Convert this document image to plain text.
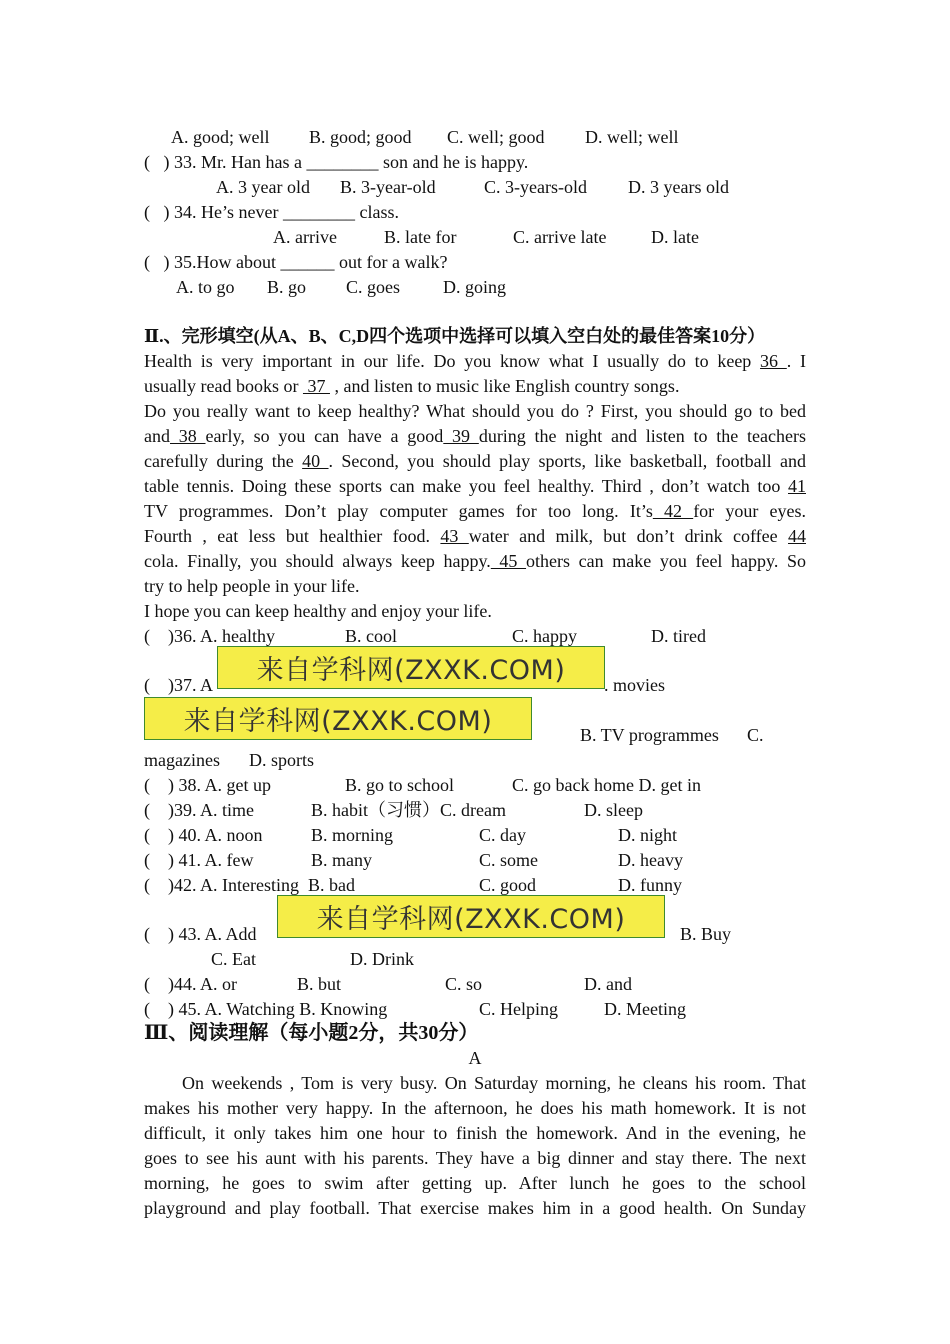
A. good; well B. good; good C. well; good D. well; well
(   ) 33. Mr. Han has a ________ son and he is happy.
A. 3 year old B. 3-year-old	C. 3-years-old D. 3 years old
(   ) 34. He’s never ________ class.
A. arrive	B. late for	C. arrive late D. late
(   ) 35.How about ______ out for a walk?
A. to go B. go C. goes D. going
Ⅱ.、完形填空(从A、B、C,D四个选项中选择可以填入空白处的最佳答案10分）
Health is very important in our life. Do you know what I usually do to keep 36 . I
usually read books or  37  , and listen to music like English country songs.
Do you really want to keep healthy? What should you do ? First, you should go to bed
and 38 early, so you can have a good 39 during the night and listen to the teachers
carefully during the 40 . Second, you should play sports, like basketball, football and
table tennis. Doing these sports can make you feel healthy. Third , don’t watch too 41
TV programmes. Don’t play computer games for too long. It’s 42 for your eyes.
Fourth , eat less but healthier food. 43 water and milk, but don’t drink coffee 44
cola. Finally, you should always keep happy. 45 others can make you feel happy. So
try to help people in your life.
I hope you can keep healthy and enjoy your life.
(    )36. A. healthy	B. cool	C. happy	D. tired
(    )37. A	来自学科网(ZXXK.COM)	. movies
来自学科网(ZXXK.COM)	B. TV programmes C.
magazines D. sports
(    ) 38. A. get up	B. go to school	C. go back home D. get in
(    )39. A. time	B. habit（习惯）C. dream	D. sleep
(    ) 40. A. noon	B. morning	C. day	D. night
(    ) 41. A. few	B. many	C. some	D. heavy
(    )42. A. Interesting  B. bad	C. good	D. funny
(    ) 43. A. Add	来自学科网(ZXXK.COM)	B. Buy
C. Eat	D. Drink
(    )44. A. or	B. but	C. so	D. and
(    ) 45. A. Watching B. Knowing	C. Helping	D. Meeting
Ⅲ、阅读理解（每小题2分，共30分）
A
On weekends , Tom is very busy. On Saturday morning, he cleans his room. That
makes his mother very happy. In the afternoon, he does his math homework. It is not
difficult, it only takes him one hour to finish the homework. And in the evening, he
goes to see his aunt with his parents. They have a big dinner and stay there. The next
morning, he goes to swim after getting up. After lunch he goes to the school
playground and play football. That exercise makes him in a good health. On Sunday
